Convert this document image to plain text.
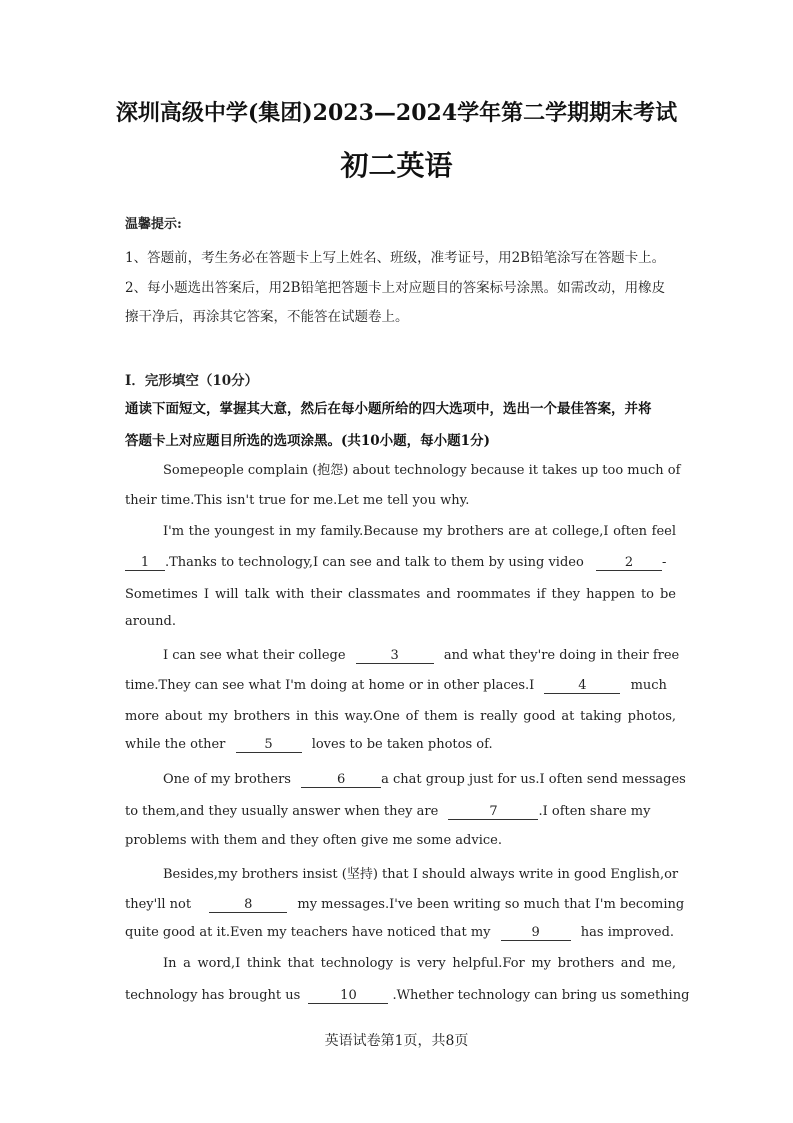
深圳高级中学(集团)2023—2024学年第二学期期末考试
初二英语
温馨提示:
1、答题前，考生务必在答题卡上写上姓名、班级，准考证号，用2B铅笔涂写在答题卡上。
2、每小题选出答案后，用2B铅笔把答题卡上对应题目的答案标号涂黑。如需改动，用橡皮
擦干净后，再涂其它答案，不能答在试题卷上。
I．完形填空（10分）
通读下面短文，掌握其大意，然后在每小题所给的四大选项中，选出一个最佳答案，并将
答题卡上对应题目所选的选项涂黑。(共10小题，每小题1分)
Somepeople complain (抱怨) about technology because it takes up too much of
their time.This isn't true for me.Let me tell you why.
I'm the youngest in my family.Because my brothers are at college,I often feel
1 .Thanks to technology,I can see and talk to them by using video	2 -
Sometimes I will talk with their classmates and roommates if they happen to be
around.
I can see what their college	3	and what they're doing in their free
time.They can see what I'm doing at home or in other places.I	4	much
more about my brothers in this way.One of them is really good at taking photos,
while the other	5	loves to be taken photos of.
One of my brothers	6	a chat group just for us.I often send messages
to them,and they usually answer when they are	7	.I often share my
problems with them and they often give me some advice.
Besides,my brothers insist (坚持) that I should always write in good English,or
they'll not	8	my messages.I've been writing so much that I'm becoming
quite good at it.Even my teachers have noticed that my	9	has improved.
In a word,I think that technology is very helpful.For my brothers and me,
technology has brought us	10	.Whether technology can bring us something
英语试卷第1页，共8页
